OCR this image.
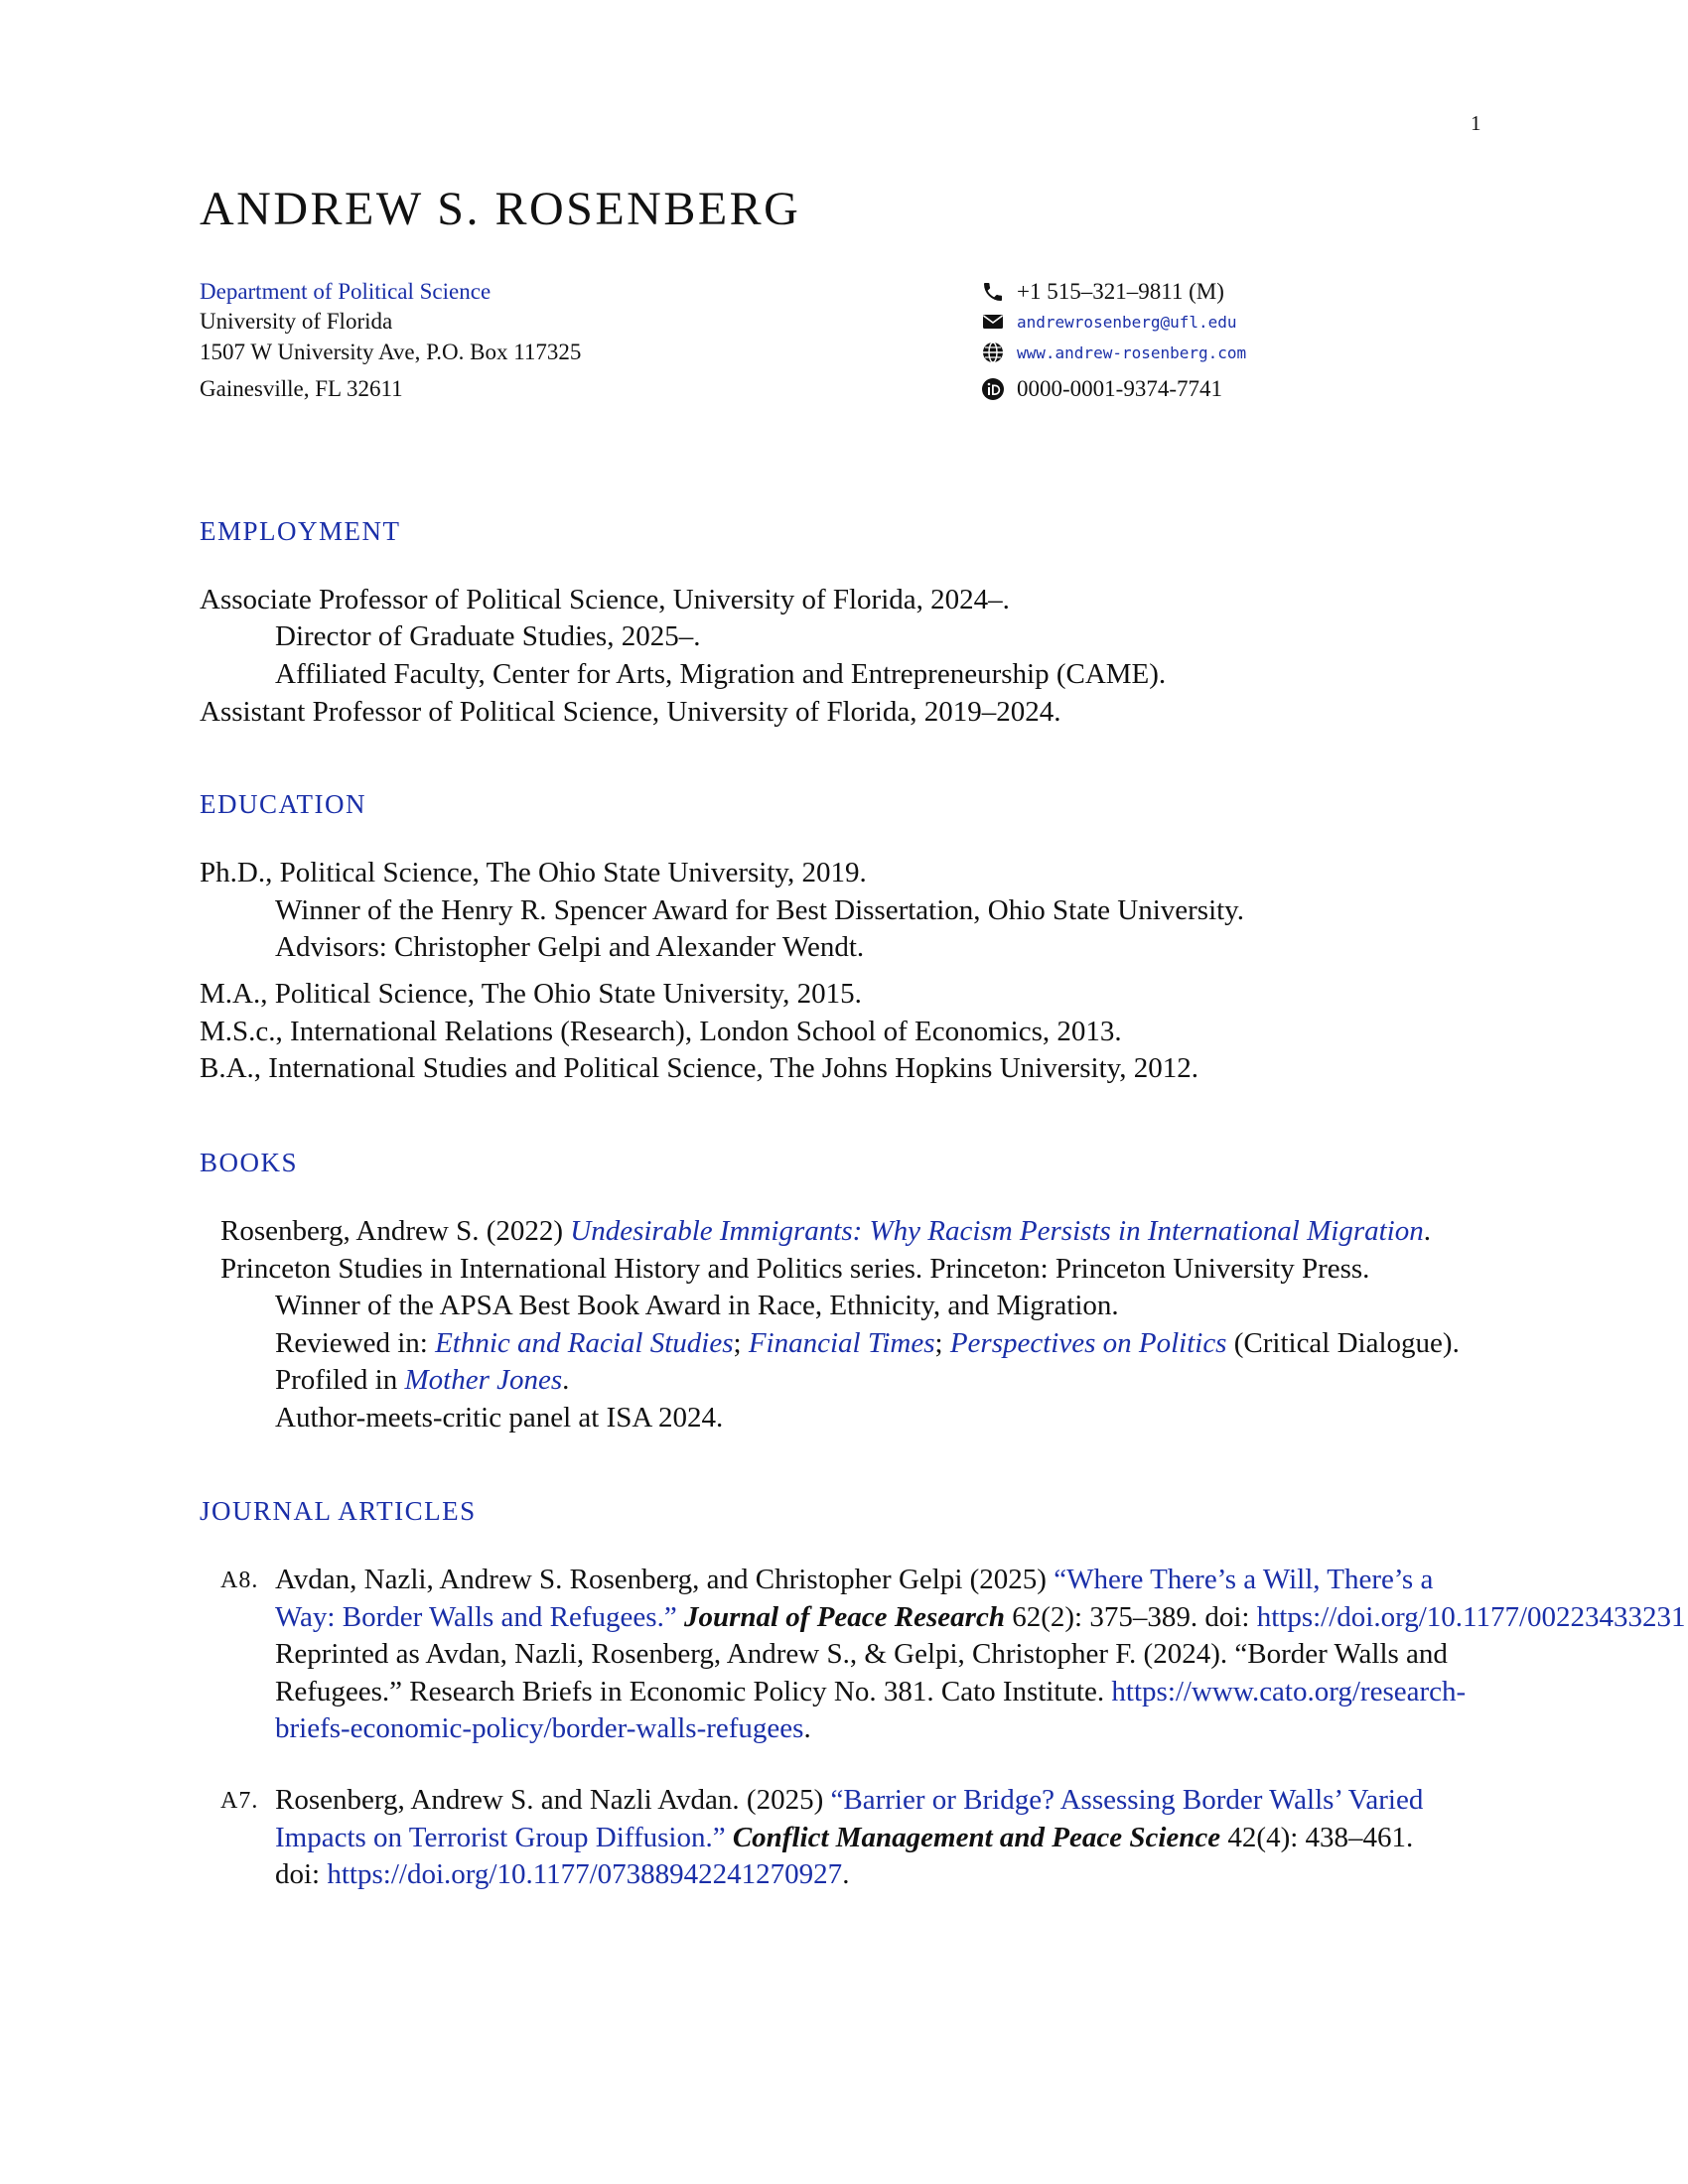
1
ANDREW S. ROSENBERG
Department of Political Science
University of Florida
1507 W University Ave, P.O. Box 117325
Gainesville, FL 32611
+1 515–321–9811 (M)
andrewrosenberg@ufl.edu
www.andrew-rosenberg.com
0000-0001-9374-7741
EMPLOYMENT
Associate Professor of Political Science, University of Florida, 2024–.
Director of Graduate Studies, 2025–.
Affiliated Faculty, Center for Arts, Migration and Entrepreneurship (CAME).
Assistant Professor of Political Science, University of Florida, 2019–2024.
EDUCATION
Ph.D., Political Science, The Ohio State University, 2019.
Winner of the Henry R. Spencer Award for Best Dissertation, Ohio State University.
Advisors: Christopher Gelpi and Alexander Wendt.
M.A., Political Science, The Ohio State University, 2015.
M.S.c., International Relations (Research), London School of Economics, 2013.
B.A., International Studies and Political Science, The Johns Hopkins University, 2012.
BOOKS
Rosenberg, Andrew S. (2022) Undesirable Immigrants: Why Racism Persists in International Migration.
Princeton Studies in International History and Politics series. Princeton: Princeton University Press.
Winner of the APSA Best Book Award in Race, Ethnicity, and Migration.
Reviewed in: Ethnic and Racial Studies; Financial Times; Perspectives on Politics (Critical Dialogue).
Profiled in Mother Jones.
Author-meets-critic panel at ISA 2024.
JOURNAL ARTICLES
A8. Avdan, Nazli, Andrew S. Rosenberg, and Christopher Gelpi (2025) “Where There’s a Will, There’s a
Way: Border Walls and Refugees.” Journal of Peace Research 62(2): 375–389. doi: https://doi.org/10.1177/00223433231
Reprinted as Avdan, Nazli, Rosenberg, Andrew S., & Gelpi, Christopher F. (2024). “Border Walls and
Refugees.” Research Briefs in Economic Policy No. 381. Cato Institute. https://www.cato.org/research-
briefs-economic-policy/border-walls-refugees.
A7. Rosenberg, Andrew S. and Nazli Avdan. (2025) “Barrier or Bridge? Assessing Border Walls’ Varied
Impacts on Terrorist Group Diffusion.” Conflict Management and Peace Science 42(4): 438–461.
doi: https://doi.org/10.1177/07388942241270927.
